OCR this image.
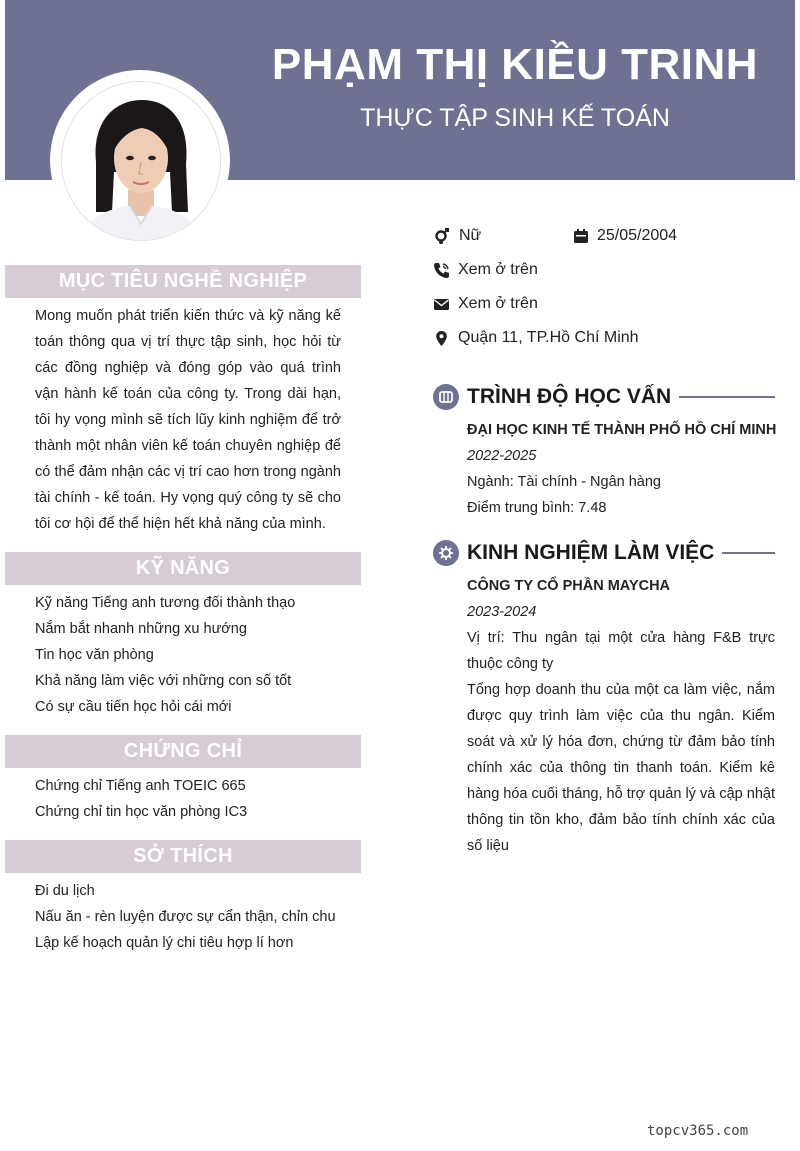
PHẠM THỊ KIỀU TRINH
THỰC TẬP SINH KẾ TOÁN
Nữ	25/05/2004
Xem ở trên
Xem ở trên
Quận 11, TP.Hồ Chí Minh
MỤC TIÊU NGHỀ NGHIỆP
Mong muốn phát triển kiến thức và kỹ năng kế toán thông qua vị trí thực tập sinh, học hỏi từ các đồng nghiệp và đóng góp vào quá trình vận hành kế toán của công ty. Trong dài hạn, tôi hy vọng mình sẽ tích lũy kinh nghiệm để trở thành một nhân viên kế toán chuyên nghiệp để có thể đảm nhận các vị trí cao hơn trong ngành tài chính - kế toán. Hy vọng quý công ty sẽ cho tôi cơ hội để thể hiện hết khả năng của mình.
KỸ NĂNG
Kỹ năng Tiếng anh tương đối thành thạo
Nắm bắt nhanh những xu hướng
Tin học văn phòng
Khả năng làm việc với những con số tốt
Có sự cầu tiến học hỏi cái mới
CHỨNG CHỈ
Chứng chỉ Tiếng anh TOEIC 665
Chứng chỉ tin học văn phòng IC3
SỞ THÍCH
Đi du lịch
Nấu ăn - rèn luyện được sự cẩn thận, chỉn chu
Lập kế hoạch quản lý chi tiêu hợp lí hơn
TRÌNH ĐỘ HỌC VẤN
ĐẠI HỌC KINH TẾ THÀNH PHỐ HỒ CHÍ MINH
2022-2025
Ngành: Tài chính - Ngân hàng
Điểm trung bình: 7.48
KINH NGHIỆM LÀM VIỆC
CÔNG TY CỔ PHẦN MAYCHA
2023-2024
Vị trí: Thu ngân tại một cửa hàng F&B trực thuộc công ty
Tổng hợp doanh thu của một ca làm việc, nắm được quy trình làm việc của thu ngân. Kiểm soát và xử lý hóa đơn, chứng từ đảm bảo tính chính xác của thông tin thanh toán. Kiểm kê hàng hóa cuối tháng, hỗ trợ quản lý và cập nhật thông tin tồn kho, đảm bảo tính chính xác của số liệu
topcv365.com
